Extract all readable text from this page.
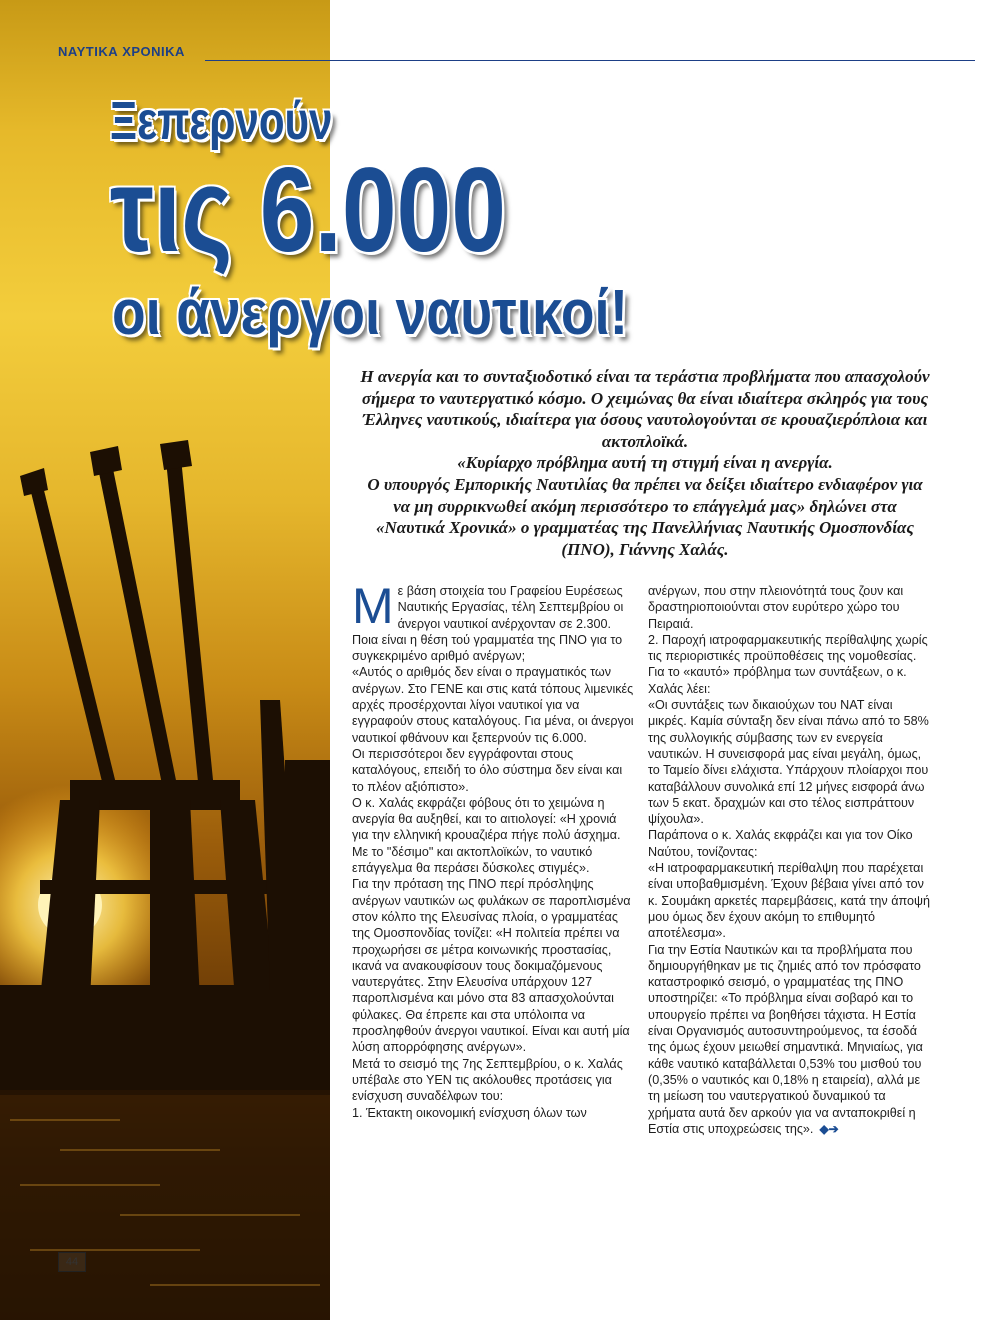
ΝΑΥΤΙΚΑ ΧΡΟΝΙΚΑ
Ξεπερνούν
τις 6.000
οι άνεργοι ναυτικοί!

Η ανεργία και το συνταξιοδοτικό είναι τα τεράστια προβλήματα που απασχολούν σήμερα το ναυτεργατικό κόσμο. Ο χειμώνας θα είναι ιδιαίτερα σκληρός για τους Έλληνες ναυτικούς, ιδιαίτερα για όσους ναυτολογούνται σε κρουαζιερόπλοια και ακτοπλοϊκά.

«Κυρίαρχο πρόβλημα αυτή τη στιγμή είναι η ανεργία.

Ο υπουργός Εμπορικής Ναυτιλίας θα πρέπει να δείξει ιδιαίτερο ενδιαφέρον για να μη συρρικνωθεί ακόμη περισσότερο το επάγγελμά μας» δηλώνει στα «Ναυτικά Χρονικά» ο γραμματέας της Πανελλήνιας Ναυτικής Ομοσπονδίας (ΠΝΟ), Γιάννης Χαλάς.

Με βάση στοιχεία του Γραφείου Ευρέσεως Ναυτικής Εργασίας, τέλη Σεπτεμβρίου οι άνεργοι ναυτικοί ανέρχονταν σε 2.300. Ποια είναι η θέση τού γραμματέα της ΠΝΟ για το συγκεκριμένο αριθμό ανέργων;

«Αυτός ο αριθμός δεν είναι ο πραγματικός των ανέργων. Στο ΓΕΝΕ και στις κατά τόπους λιμενικές αρχές προσέρχονται λίγοι ναυτικοί για να εγγραφούν στους καταλόγους. Για μένα, οι άνεργοι ναυτικοί φθάνουν και ξεπερνούν τις 6.000.

Οι περισσότεροι δεν εγγράφονται στους καταλόγους, επειδή το όλο σύστημα δεν είναι και το πλέον αξιόπιστο».

Ο κ. Χαλάς εκφράζει φόβους ότι το χειμώνα η ανεργία θα αυξηθεί, και το αιτιολογεί: «Η χρονιά για την ελληνική κρουαζιέρα πήγε πολύ άσχημα. Με το "δέσιμο" και ακτοπλοϊκών, το ναυτικό επάγγελμα θα περάσει δύσκολες στιγμές».

Για την πρόταση της ΠΝΟ περί πρόσληψης ανέργων ναυτικών ως φυλάκων σε παροπλισμένα στον κόλπο της Ελευσίνας πλοία, ο γραμματέας της Ομοσπονδίας τονίζει: «Η πολιτεία πρέπει να προχωρήσει σε μέτρα κοινωνικής προστασίας, ικανά να ανακουφίσουν τους δοκιμαζόμενους ναυτεργάτες. Στην Ελευσίνα υπάρχουν 127 παροπλισμένα και μόνο στα 83 απασχολούνται φύλακες. Θα έπρεπε και στα υπόλοιπα να προσληφθούν άνεργοι ναυτικοί. Είναι και αυτή μία λύση απορρόφησης ανέργων».

Μετά το σεισμό της 7ης Σεπτεμβρίου, ο κ. Χαλάς υπέβαλε στο ΥΕΝ τις ακόλουθες προτάσεις για ενίσχυση συναδέλφων του:

1. Έκτακτη οικονομική ενίσχυση όλων των

ανέργων, που στην πλειονότητά τους ζουν και δραστηριοποιούνται στον ευρύτερο χώρο του Πειραιά.

2. Παροχή ιατροφαρμακευτικής περίθαλψης χωρίς τις περιοριστικές προϋποθέσεις της νομοθεσίας.

Για το «καυτό» πρόβλημα των συντάξεων, ο κ. Χαλάς λέει:

«Οι συντάξεις των δικαιούχων του ΝΑΤ είναι μικρές. Καμία σύνταξη δεν είναι πάνω από το 58% της συλλογικής σύμβασης των εν ενεργεία ναυτικών. Η συνεισφορά μας είναι μεγάλη, όμως, το Ταμείο δίνει ελάχιστα. Υπάρχουν πλοίαρχοι που καταβάλλουν συνολικά επί 12 μήνες εισφορά άνω των 5 εκατ. δραχμών και στο τέλος εισπράττουν ψίχουλα».

Παράπονα ο κ. Χαλάς εκφράζει και για τον Οίκο Ναύτου, τονίζοντας:

«Η ιατροφαρμακευτική περίθαλψη που παρέχεται είναι υποβαθμισμένη. Έχουν βέβαια γίνει από τον κ. Σουμάκη αρκετές παρεμβάσεις, κατά την άποψή μου όμως δεν έχουν ακόμη το επιθυμητό αποτέλεσμα».

Για την Εστία Ναυτικών και τα προβλήματα που δημιουργήθηκαν με τις ζημιές από τον πρόσφατο καταστροφικό σεισμό, ο γραμματέας της ΠΝΟ υποστηρίζει: «Το πρόβλημα είναι σοβαρό και το υπουργείο πρέπει να βοηθήσει τάχιστα. Η Εστία είναι Οργανισμός αυτοσυντηρούμενος, τα έσοδά της όμως έχουν μειωθεί σημαντικά. Μηνιαίως, για κάθε ναυτικό καταβάλλεται 0,53% του μισθού του (0,35% ο ναυτικός και 0,18% η εταιρεία), αλλά με τη μείωση του ναυτεργατικού δυναμικού τα χρήματα αυτά δεν αρκούν για να ανταποκριθεί η Εστία στις υποχρεώσεις της». ◆➔

44
